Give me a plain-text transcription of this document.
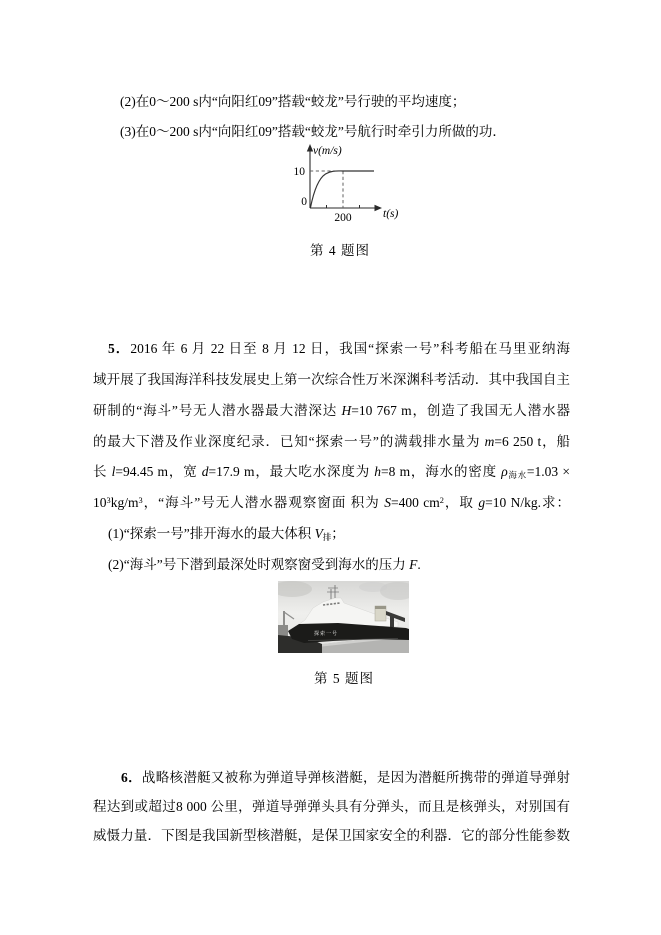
(2)在0～200 s内“向阳红09”搭载“蛟龙”号行驶的平均速度；
(3)在0～200 s内“向阳红09”搭载“蛟龙”号航行时牵引力所做的功．
v(m/s)
t(s)
10
0
200
第 4 题图
5．2016 年 6 月 22 日至 8 月 12 日，我国“探索一号”科考船在马里亚纳海
域开展了我国海洋科技发展史上第一次综合性万米深渊科考活动．其中我国自主
研制的“海斗”号无人潜水器最大潜深达 H=10 767 m，创造了我国无人潜水器
的最大下潜及作业深度纪录．已知“探索一号”的满载排水量为 m=6 250 t，船
长 l=94.45 m，宽 d=17.9 m，最大吃水深度为 h=8 m，海水的密度 $\rho_{海水}=1.03$ ×
$10^3kg/m^3$，“海斗”号无人潜水器观察窗面 积为 S=400 $cm^2$，取 g=10 N/kg.求：
(1)“探索一号”排开海水的最大体积 $V_排$；
(2)“海斗”号下潜到最深处时观察窗受到海水的压力 F.
探索一号
第 5 题图
6．战略核潜艇又被称为弹道导弹核潜艇，是因为潜艇所携带的弹道导弹射
程达到或超过8 000 公里，弹道导弹弹头具有分弹头，而且是核弹头，对别国有
威慑力量．下图是我国新型核潜艇，是保卫国家安全的利器．它的部分性能参数
